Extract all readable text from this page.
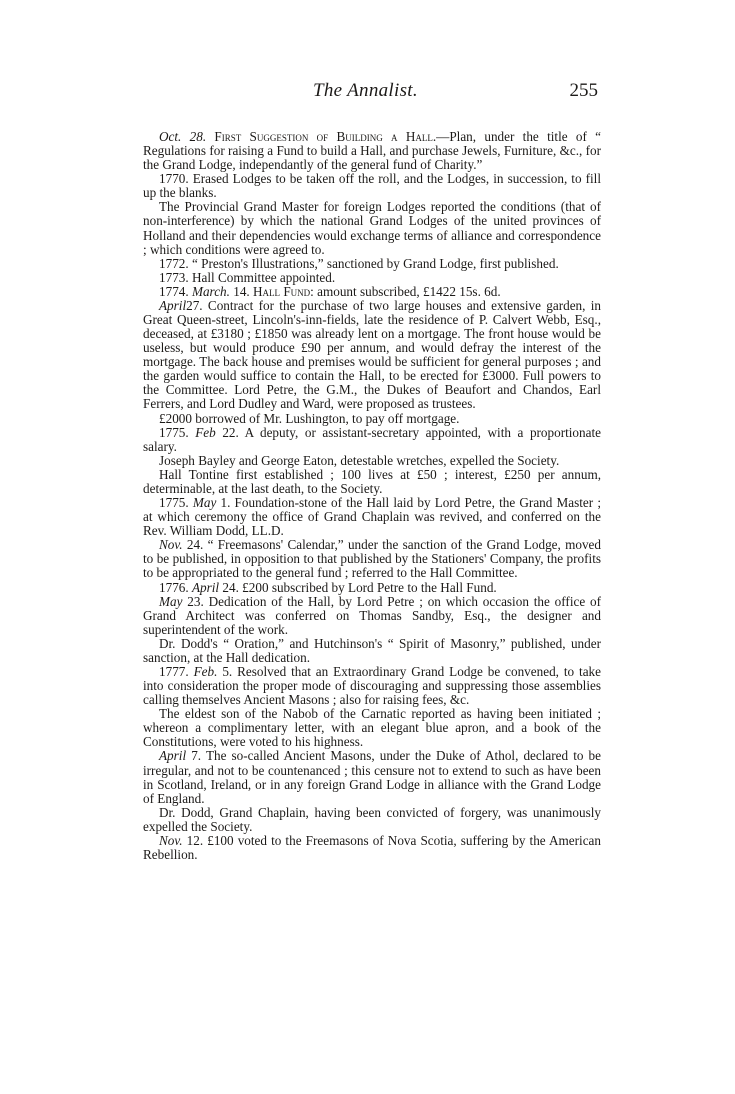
The Annalist.	255

Oct. 28. First Suggestion of Building a Hall.—Plan, under the title of “ Regulations for raising a Fund to build a Hall, and purchase Jewels, Furniture, &c., for the Grand Lodge, independantly of the general fund of Charity.”

1770. Erased Lodges to be taken off the roll, and the Lodges, in succession, to fill up the blanks.

The Provincial Grand Master for foreign Lodges reported the conditions (that of non-interference) by which the national Grand Lodges of the united provinces of Holland and their dependencies would exchange terms of alliance and correspondence ; which conditions were agreed to.

1772. “ Preston's Illustrations,” sanctioned by Grand Lodge, first published.

1773. Hall Committee appointed.

1774. March. 14. Hall Fund: amount subscribed, £1422 15s. 6d.

April27. Contract for the purchase of two large houses and extensive garden, in Great Queen-street, Lincoln's-inn-fields, late the residence of P. Calvert Webb, Esq., deceased, at £3180 ; £1850 was already lent on a mortgage. The front house would be useless, but would produce £90 per annum, and would defray the interest of the mortgage. The back house and premises would be sufficient for general purposes ; and the garden would suffice to contain the Hall, to be erected for £3000. Full powers to the Committee. Lord Petre, the G.M., the Dukes of Beaufort and Chandos, Earl Ferrers, and Lord Dudley and Ward, were proposed as trustees.

£2000 borrowed of Mr. Lushington, to pay off mortgage.

1775. Feb 22. A deputy, or assistant-secretary appointed, with a proportionate salary.

Joseph Bayley and George Eaton, detestable wretches, expelled the Society.

Hall Tontine first established ; 100 lives at £50 ; interest, £250 per annum, determinable, at the last death, to the Society.

1775. May 1. Foundation-stone of the Hall laid by Lord Petre, the Grand Master ; at which ceremony the office of Grand Chaplain was revived, and conferred on the Rev. William Dodd, LL.D.

Nov. 24. “ Freemasons' Calendar,” under the sanction of the Grand Lodge, moved to be published, in opposition to that published by the Stationers' Company, the profits to be appropriated to the general fund ; referred to the Hall Committee.

1776. April 24. £200 subscribed by Lord Petre to the Hall Fund.

May 23. Dedication of the Hall, by Lord Petre ; on which occasion the office of Grand Architect was conferred on Thomas Sandby, Esq., the designer and superintendent of the work.

Dr. Dodd's “ Oration,” and Hutchinson's “ Spirit of Masonry,” published, under sanction, at the Hall dedication.

1777. Feb. 5. Resolved that an Extraordinary Grand Lodge be convened, to take into consideration the proper mode of discouraging and suppressing those assemblies calling themselves Ancient Masons ; also for raising fees, &c.

The eldest son of the Nabob of the Carnatic reported as having been initiated ; whereon a complimentary letter, with an elegant blue apron, and a book of the Constitutions, were voted to his highness.

April 7. The so-called Ancient Masons, under the Duke of Athol, declared to be irregular, and not to be countenanced ; this censure not to extend to such as have been in Scotland, Ireland, or in any foreign Grand Lodge in alliance with the Grand Lodge of England.

Dr. Dodd, Grand Chaplain, having been convicted of forgery, was unanimously expelled the Society.

Nov. 12. £100 voted to the Freemasons of Nova Scotia, suffering by the American Rebellion.
